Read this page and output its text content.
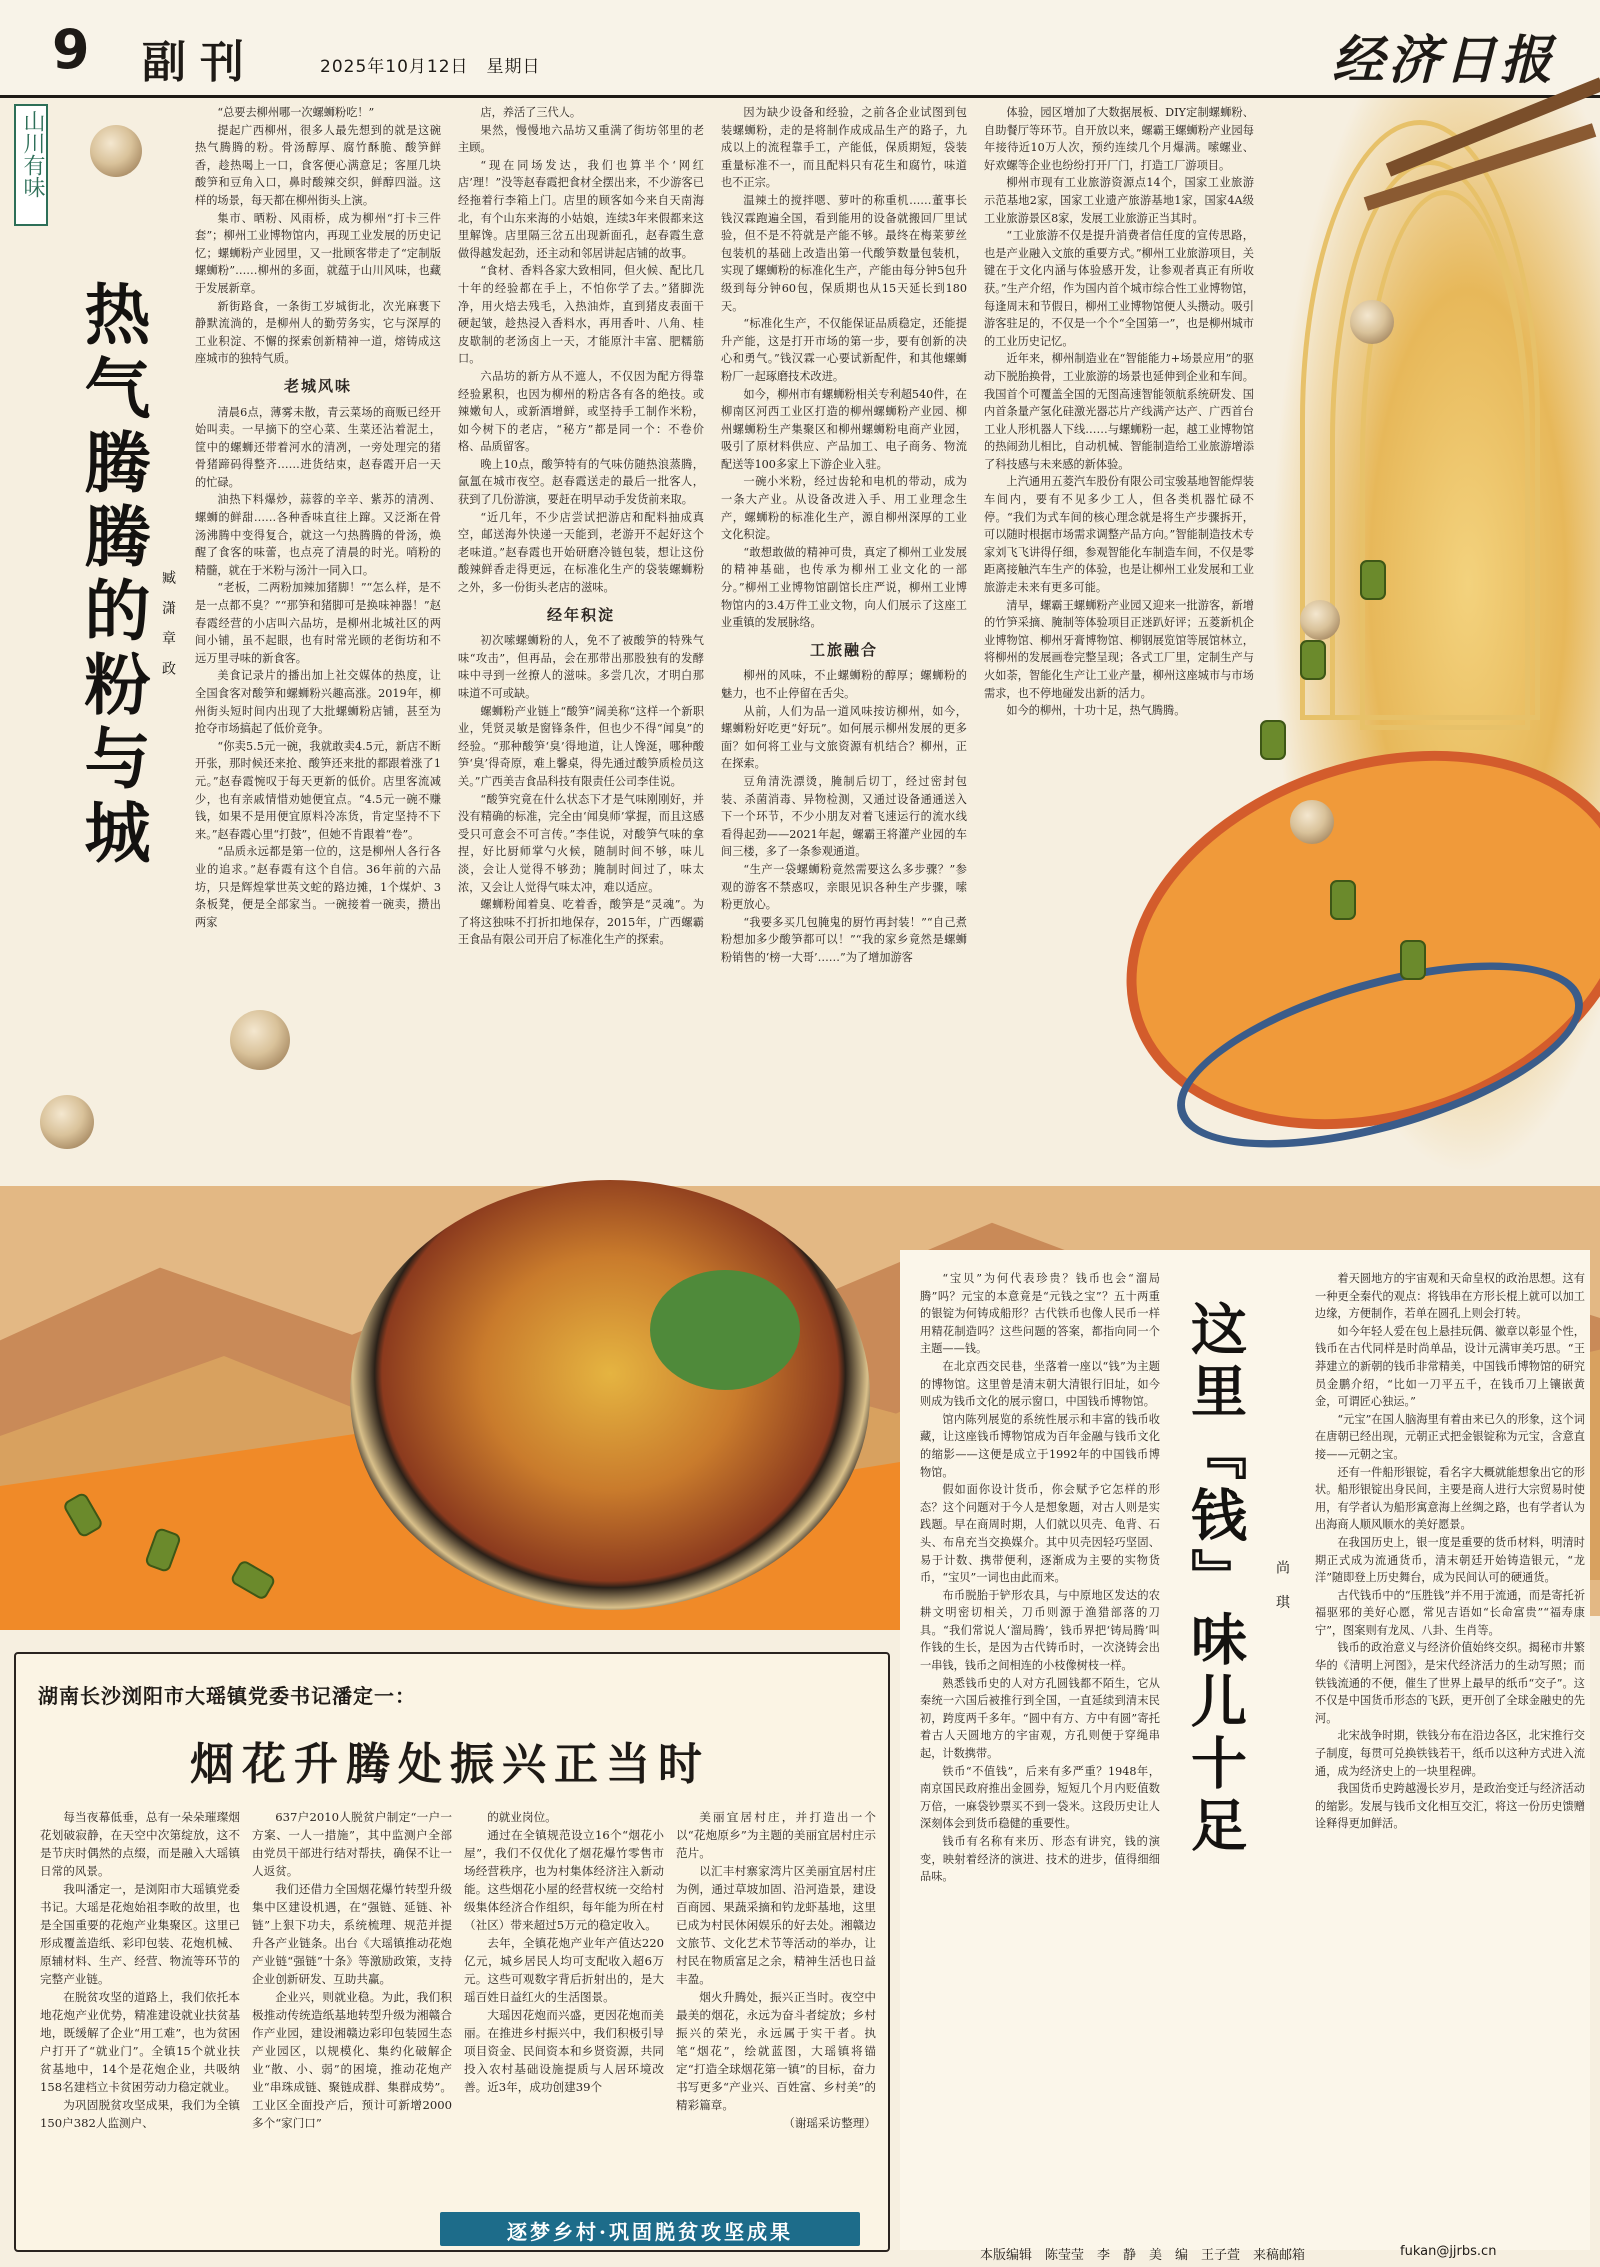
9 副刊	2025年10月12日　星期日	经济日报
山川有味
热气腾腾的粉与城 臧 潇 章 政

“总要去柳州哪一次螺蛳粉吃！”

提起广西柳州，很多人最先想到的就是这碗热气腾腾的粉。骨汤醇厚、腐竹酥脆、酸笋鲜香，趁热喝上一口，食客便心满意足；客厘几块酸笋和豆角入口，鼻时酸辣交织，鲜醇四溢。这样的场景，每天都在柳州街头上演。

集市、晒粉、风雨桥，成为柳州“打卡三件套”；柳州工业博物馆内，再现工业发展的历史记忆；螺蛳粉产业园里，又一批顾客带走了“定制版螺蛳粉”……柳州的多面，就蕴于山川风味，也藏于发展新章。

新街路食，一条街工岁城街北，次光麻裹下静默流淌的，是柳州人的勤劳务实，它与深厚的工业积淀、不懈的探索创新精神一道，熔铸成这座城市的独特气质。

老城风味

清晨6点，薄雾未散，青云菜场的商贩已经开始叫卖。一早摘下的空心菜、生菜还沾着泥土，筐中的螺蛳还带着河水的清冽，一旁处理完的猪骨猪蹄码得整齐……进货结束，赵春霞开启一天的忙碌。

油热下料爆炒，蒜蓉的辛辛、紫苏的清冽、螺蛳的鲜甜……各种香味直往上蹿。又泛渐在骨汤沸腾中变得复合，就这一勺热腾腾的骨汤，焕醒了食客的味蕾，也点亮了清晨的时光。哨粉的精髓，就在于米粉与汤汁一同入口。

“老板，二两粉加辣加猪脚！”“怎么样，是不是一点都不臭？”“那笋和猪脚可是换味神器！”赵春霞经营的小店叫六品坊，是柳州北城社区的两间小铺，虽不起眼，也有时常光顾的老街坊和不远万里寻味的新食客。

美食记录片的播出加上社交媒体的热度，让全国食客对酸笋和螺蛳粉兴趣高涨。2019年，柳州街头短时间内出现了大批螺蛳粉店铺，甚至为抢夺市场搞起了低价竞争。

“你卖5.5元一碗，我就敢卖4.5元，新店不断开张，那时候还来抢、酸笋还来批的都跟着涨了1元。”赵春霞惋叹于每天更新的低价。店里客流减少，也有亲戚情惜劝她便宜点。“4.5元一碗不赚钱，如果不是用便宜原料冷冻货，肯定坚持不下来。”赵春霞心里“打鼓”，但她不肯跟着“卷”。

“品质永远都是第一位的，这是柳州人各行各业的追求。”赵春霞有这个自信。36年前的六品坊，只是辉煌掌世英文蛇的路边摊，1个煤炉、3条板凳，便是全部家当。一碗接着一碗卖，攒出两家

店，养活了三代人。

果然，慢慢地六品坊又重满了街坊邻里的老主顾。

“现在同场发达，我们也算半个‘网红店’理！”没等赵春霞把食材全摆出来，不少游客已经拖着行李箱上门。店里的顾客如今来自天南海北，有个山东来海的小姑娘，连续3年来假都来这里解馋。店里隔三岔五出现新面孔，赵春霞生意做得越发起劲，还主动和邻居讲起店铺的故事。

“食材、香料各家大致相同，但火候、配比几十年的经验都在手上，不怕你学了去。”猪脚洗净，用火焙去残毛，入热油炸，直到猪皮表面干硬起皱，趁热浸入香料水，再用香叶、八角、桂皮歇制的老汤卤上一天，才能原汁丰富、肥糯筋口。

六品坊的新方从不遮人，不仅因为配方得靠经验累积，也因为柳州的粉店各有各的绝技。或辣嫩旬人，或新酒增鲜，或坚持手工制作米粉，如今树下的老店，“秘方”都是同一个：不卷价格、品质留客。

晚上10点，酸笋特有的气味仿随热浪蒸腾，氤氲在城市夜空。赵春霞送走的最后一批客人，获到了几份游演，要赶在明早动手发货前来取。

“近几年，不少店尝试把游店和配料抽成真空，邮送海外快递一天能到，老游开不起好这个老味道。”赵春霞也开始研磨冷链包装，想让这份酸辣鲜香走得更远，在标准化生产的袋装螺蛳粉之外，多一份街头老店的滋味。

经年积淀

初次嗦螺蛳粉的人，免不了被酸笋的特殊气味“攻击”，但再品，会在那带出那股独有的发酵味中寻到一丝撩人的滋味。多尝几次，才明白那味道不可或缺。

螺蛳粉产业链上“酸笋”阔美称“这样一个新职业，凭贤灵敏是窗锋条件，但也少不得“闻臭”的经验。“那种酸笋‘臭’得地道，让人馋涎，哪种酸笋‘臭’得奇原，难上馨桌，得先通过酸笋质检员这关。”广西美吉食品科技有限责任公司李佳说。

“酸笋究竟在什么状态下才是气味刚刚好，并没有精确的标准，完全由‘闻臭师’掌握，而且这感受只可意会不可言传。”李佳说，对酸笋气味的拿捏，好比厨师掌勺火候，随制时间不够，味儿淡，会让人觉得不够劲；腌制时间过了，味太浓，又会让人觉得气味太冲，难以适应。

螺蛳粉闻着臭、吃着香，酸笋是“灵魂”。为了将这独味不打折扣地保存，2015年，广西螺霸王食品有限公司开启了标准化生产的探索。

因为缺少设备和经验，之前各企业试图到包装螺蛳粉，走的是将制作成成品生产的路子，九成以上的流程靠手工，产能低，保质期短，袋装重量标准不一，而且配料只有花生和腐竹，味道也不正宗。

温辣土的搅拌嗯、萝叶的称重机……董事长钱汉霖跑遍全国，看到能用的设备就搬回厂里试验，但不是不符就是产能不够。最终在梅莱萝丝包装机的基础上改造出第一代酸笋数量包装机，实现了螺蛳粉的标准化生产，产能由每分钟5包升级到每分钟60包，保质期也从15天延长到180天。

“标准化生产，不仅能保证品质稳定，还能提升产能，这是打开市场的第一步，要有创新的决心和勇气。”钱汉霖一心要试新配件，和其他螺蛳粉厂一起琢磨技术改进。

如今，柳州市有螺蛳粉相关专利超540件，在柳南区河西工业区打造的柳州螺蛳粉产业园、柳州螺蛳粉生产集聚区和柳州螺蛳粉电商产业园，吸引了原材料供应、产品加工、电子商务、物流配送等100多家上下游企业入驻。

一碗小米粉，经过齿轮和电机的带动，成为一条大产业。从设备改进入手、用工业理念生产，螺蛳粉的标准化生产，源自柳州深厚的工业文化积淀。

“敢想敢做的精神可贵，真定了柳州工业发展的精神基础，也传承为柳州工业文化的一部分。”柳州工业博物馆副馆长庄严说，柳州工业博物馆内的3.4万件工业文物，向人们展示了这座工业重镇的发展脉络。

工旅融合

柳州的风味，不止螺蛳粉的醇厚；螺蛳粉的魅力，也不止停留在舌尖。

从前，人们为品一道风味按访柳州，如今，螺蛳粉好吃更“好玩”。如何展示柳州发展的更多面？如何将工业与文旅资源有机结合？柳州，正在探索。

豆角清洗漂烫，腌制后切丁，经过密封包装、杀菌消毒、异物检测，又通过设备通通送入下一个环节，不少小朋友对着飞速运行的流水线看得起劲——2021年起，螺霸王将灌产业园的车间三楼，多了一条参观通道。

“生产一袋螺蛳粉竟然需要这么多步骤？”参观的游客不禁惑叹，亲眼见识各种生产步骤，嗦粉更放心。

“我要多买几包腌鬼的厨竹再封装！”“自己煮粉想加多少酸笋都可以！”“我的家乡竟然是螺蛳粉销售的‘榜一大哥’……”为了增加游客

体验，园区增加了大数据展板、DIY定制螺蛳粉、自助餐厅等环节。自开放以来，螺霸王螺蛳粉产业园每年接待近10万人次，预约连续几个月爆满。嗦螺业、好欢螺等企业也纷纷打开厂门，打造工厂游项目。

柳州市现有工业旅游资源点14个，国家工业旅游示范基地2家，国家工业遗产旅游基地1家，国家4A级工业旅游景区8家，发展工业旅游正当其时。

“工业旅游不仅是提升消费者信任度的宣传思路，也是产业融入文旅的重要方式。”柳州工业旅游项目，关键在于文化内涵与体验感开发，让参观者真正有所收获。”生产介绍，作为国内首个城市综合性工业博物馆，每逢周末和节假日，柳州工业博物馆便人头攒动。吸引游客驻足的，不仅是一个个“全国第一”，也是柳州城市的工业历史记忆。

近年来，柳州制造业在“智能能力+场景应用”的驱动下脱胎换骨，工业旅游的场景也延伸到企业和车间。我国首个可覆盖全国的无图高速智能领航系统研发、国内首条量产氢化硅激光器芯片产线满产达产、广西首台工业人形机器人下线……与螺蛳粉一起，越工业博物馆的热闹劲儿相比，自动机械、智能制造给工业旅游增添了科技感与未来感的新体验。

上汽通用五菱汽车股份有限公司宝骏基地智能焊装车间内，要有不见多少工人，但各类机器忙碌不停。“我们为式车间的核心理念就是将生产步骤拆开，可以随时根据市场需求调整产品方向。”智能制造技术专家刘飞飞讲得仔细，参观智能化车制造车间，不仅是零距离接触汽车生产的体验，也是让柳州工业发展和工业旅游走未来有更多可能。

清早，螺霸王螺蛳粉产业园又迎来一批游客，新增的竹笋采摘、腌制等体验项目正迷趴好评；五菱新机企业博物馆、柳州牙膏博物馆、柳钢展览馆等展馆林立，将柳州的发展画卷完整呈现；各式工厂里，定制生产与火如荼，智能化生产让工业产量，柳州这座城市与市场需求，也不停地碰发出新的活力。

如今的柳州，十功十足，热气腾腾。

这里『钱』味儿十足 尚 琪

“宝贝”为何代表珍贵？钱币也会“溜局腾”吗？元宝的本意竟是“元钱之宝”？五十两重的银锭为何铸成船形？古代铁币也像人民币一样用精花制造吗？这些问题的答案，都指向同一个主题——钱。

在北京西交民巷，坐落着一座以“钱”为主题的博物馆。这里曾是清末朝大清银行旧址，如今则成为钱币文化的展示窗口，中国钱币博物馆。

馆内陈列展览的系统性展示和丰富的钱币收藏，让这座钱币博物馆成为百年金融与钱币文化的缩影——这便是成立于1992年的中国钱币博物馆。

假如面你设计货币，你会赋予它怎样的形态？这个问题对于今人是想象题，对古人则是实践题。早在商周时期，人们就以贝壳、龟背、石头、布帛充当交换媒介。其中贝壳因轻巧坚固、易于计数、携带便利，逐渐成为主要的实物货币，“宝贝”一词也由此而来。

布币脱胎于铲形农具，与中原地区发达的农耕文明密切相关，刀币则源于渔猎部落的刀具。“我们常说人‘溜局腾’，钱币界把‘铸局腾’叫作钱的生长，是因为古代铸币时，一次浇铸会出一串钱，钱币之间相连的小枝像树枝一样。

熟悉钱币史的人对方孔圆钱都不陌生，它从秦统一六国后被推行到全国，一直延续到清末民初，跨度两千多年。“圆中有方、方中有圆”寄托着古人天圆地方的宇宙观，方孔则便于穿绳串起，计数携带。

铁币“不值钱”，后来有多严重？1948年，南京国民政府推出金圆券，短短几个月内贬值数万倍，一麻袋钞票买不到一袋米。这段历史让人深刻体会到货币稳健的重要性。

钱币有名称有来历、形态有讲究，钱的演变，映射着经济的演进、技术的进步，值得细细品味。

着天圆地方的宇宙观和天命皇权的政治思想。这有一种更全秦代的观点：将钱串在方形长棍上就可以加工边缘，方便制作，若单在圆孔上则会打转。

如今年轻人爱在包上悬挂玩偶、徽章以彰显个性，钱币在古代同样是时尚单品，设计元满审美巧思。“王莽建立的新朝的钱币非常精美，中国钱币博物馆的研究员金鹏介绍，“比如一刀平五千，在钱币刀上镶嵌黄金，可谓匠心独运。”

“元宝”在国人脑海里有着由来已久的形象，这个词在唐朝已经出现，元朝正式把金银锭称为元宝，含意直接——元朝之宝。

还有一件船形银锭，看名字大概就能想象出它的形状。船形银锭出身民间，主要是商人进行大宗贸易时使用，有学者认为船形寓意海上丝绸之路，也有学者认为出海商人顺风顺水的美好愿景。

在我国历史上，银一度是重要的货币材料，明清时期正式成为流通货币，清末朝廷开始铸造银元，“龙洋”随即登上历史舞台，成为民间认可的硬通货。

古代钱币中的“压胜钱”并不用于流通，而是寄托祈福驱邪的美好心愿，常见吉语如“长命富贵”“福寿康宁”，图案则有龙凤、八卦、生肖等。

钱币的政治意义与经济价值始终交织。揭秘市井繁华的《清明上河图》，是宋代经济活力的生动写照；而铁钱流通的不便，催生了世界上最早的纸币“交子”。这不仅是中国货币形态的飞跃，更开创了全球金融史的先河。

北宋战争时期，铁钱分布在沿边各区，北宋推行交子制度，每贯可兑换铁钱若干，纸币以这种方式进入流通，成为经济史上的一块里程碑。

我国货币史跨越漫长岁月，是政治变迁与经济活动的缩影。发展与钱币文化相互交汇，将这一份历史馈赠诠释得更加鲜活。

湖南长沙浏阳市大瑶镇党委书记潘定一：
烟花升腾处振兴正当时

每当夜幕低垂，总有一朵朵璀璨烟花划破寂静，在天空中次第绽放，这不是节庆时偶然的点缀，而是融入大瑶镇日常的风景。

我叫潘定一，是浏阳市大瑶镇党委书记。大瑶是花炮始祖李畋的故里，也是全国重要的花炮产业集聚区。这里已形成覆盖造纸、彩印包装、花炮机械、原辅材料、生产、经营、物流等环节的完整产业链。

在脱贫攻坚的道路上，我们依托本地花炮产业优势，精准建设就业扶贫基地，既缓解了企业“用工难”，也为贫困户打开了“就业门”。全镇15个就业扶贫基地中，14个是花炮企业，共吸纳158名建档立卡贫困劳动力稳定就业。

为巩固脱贫攻坚成果，我们为全镇150户382人监测户、

637户2010人脱贫户制定“一户一方案、一人一措施”，其中监测户全部由党员干部进行结对帮扶，确保不让一人返贫。

我们还借力全国烟花爆竹转型升级集中区建设机遇，在“强链、延链、补链”上狠下功夫，系统梳理、规范并提升各产业链条。出台《大瑶镇推动花炮产业链“强链”十条》等激励政策，支持企业创新研发、互助共赢。

企业兴，则就业稳。为此，我们积极推动传统造纸基地转型升级为湘赣合作产业园，建设湘赣边彩印包装园生态产业园区，以规模化、集约化破解企业“散、小、弱”的困境，推动花炮产业“串珠成链、聚链成群、集群成势”。工业区全面投产后，预计可新增2000多个“家门口”

的就业岗位。

通过在全镇规范设立16个“烟花小屋”，我们不仅优化了烟花爆竹零售市场经营秩序，也为村集体经济注入新动能。这些烟花小屋的经营权统一交给村级集体经济合作组织，每年能为所在村（社区）带来超过5万元的稳定收入。

去年，全镇花炮产业年产值达220亿元，城乡居民人均可支配收入超6万元。这些可观数字背后折射出的，是大瑶百姓日益红火的生活图景。

大瑶因花炮而兴盛，更因花炮而美丽。在推进乡村振兴中，我们积极引导项目资金、民间资本和乡贤资源，共同投入农村基础设施提质与人居环境改善。近3年，成功创建39个

美丽宜居村庄，并打造出一个以“花炮原乡”为主题的美丽宜居村庄示范片。

以汇丰村寨家湾片区美丽宜居村庄为例，通过草坡加固、沿河造景，建设百商园、果蔬采摘和钓龙虾基地，这里已成为村民休闲娱乐的好去处。湘赣边文旅节、文化艺术节等活动的举办，让村民在物质富足之余，精神生活也日益丰盈。

烟火升腾处，振兴正当时。夜空中最美的烟花，永远为奋斗者绽放；乡村振兴的荣光，永远属于实干者。执笔“烟花”，绘就蓝图，大瑶镇将锚定“打造全球烟花第一镇”的目标，奋力书写更多“产业兴、百姓富、乡村美”的精彩篇章。

（谢瑶采访整理）

逐梦乡村·巩固脱贫攻坚成果
本版编辑　陈莹莹　李　静　美　编　王子萱　来稿邮箱	fukan@jjrbs.cn
